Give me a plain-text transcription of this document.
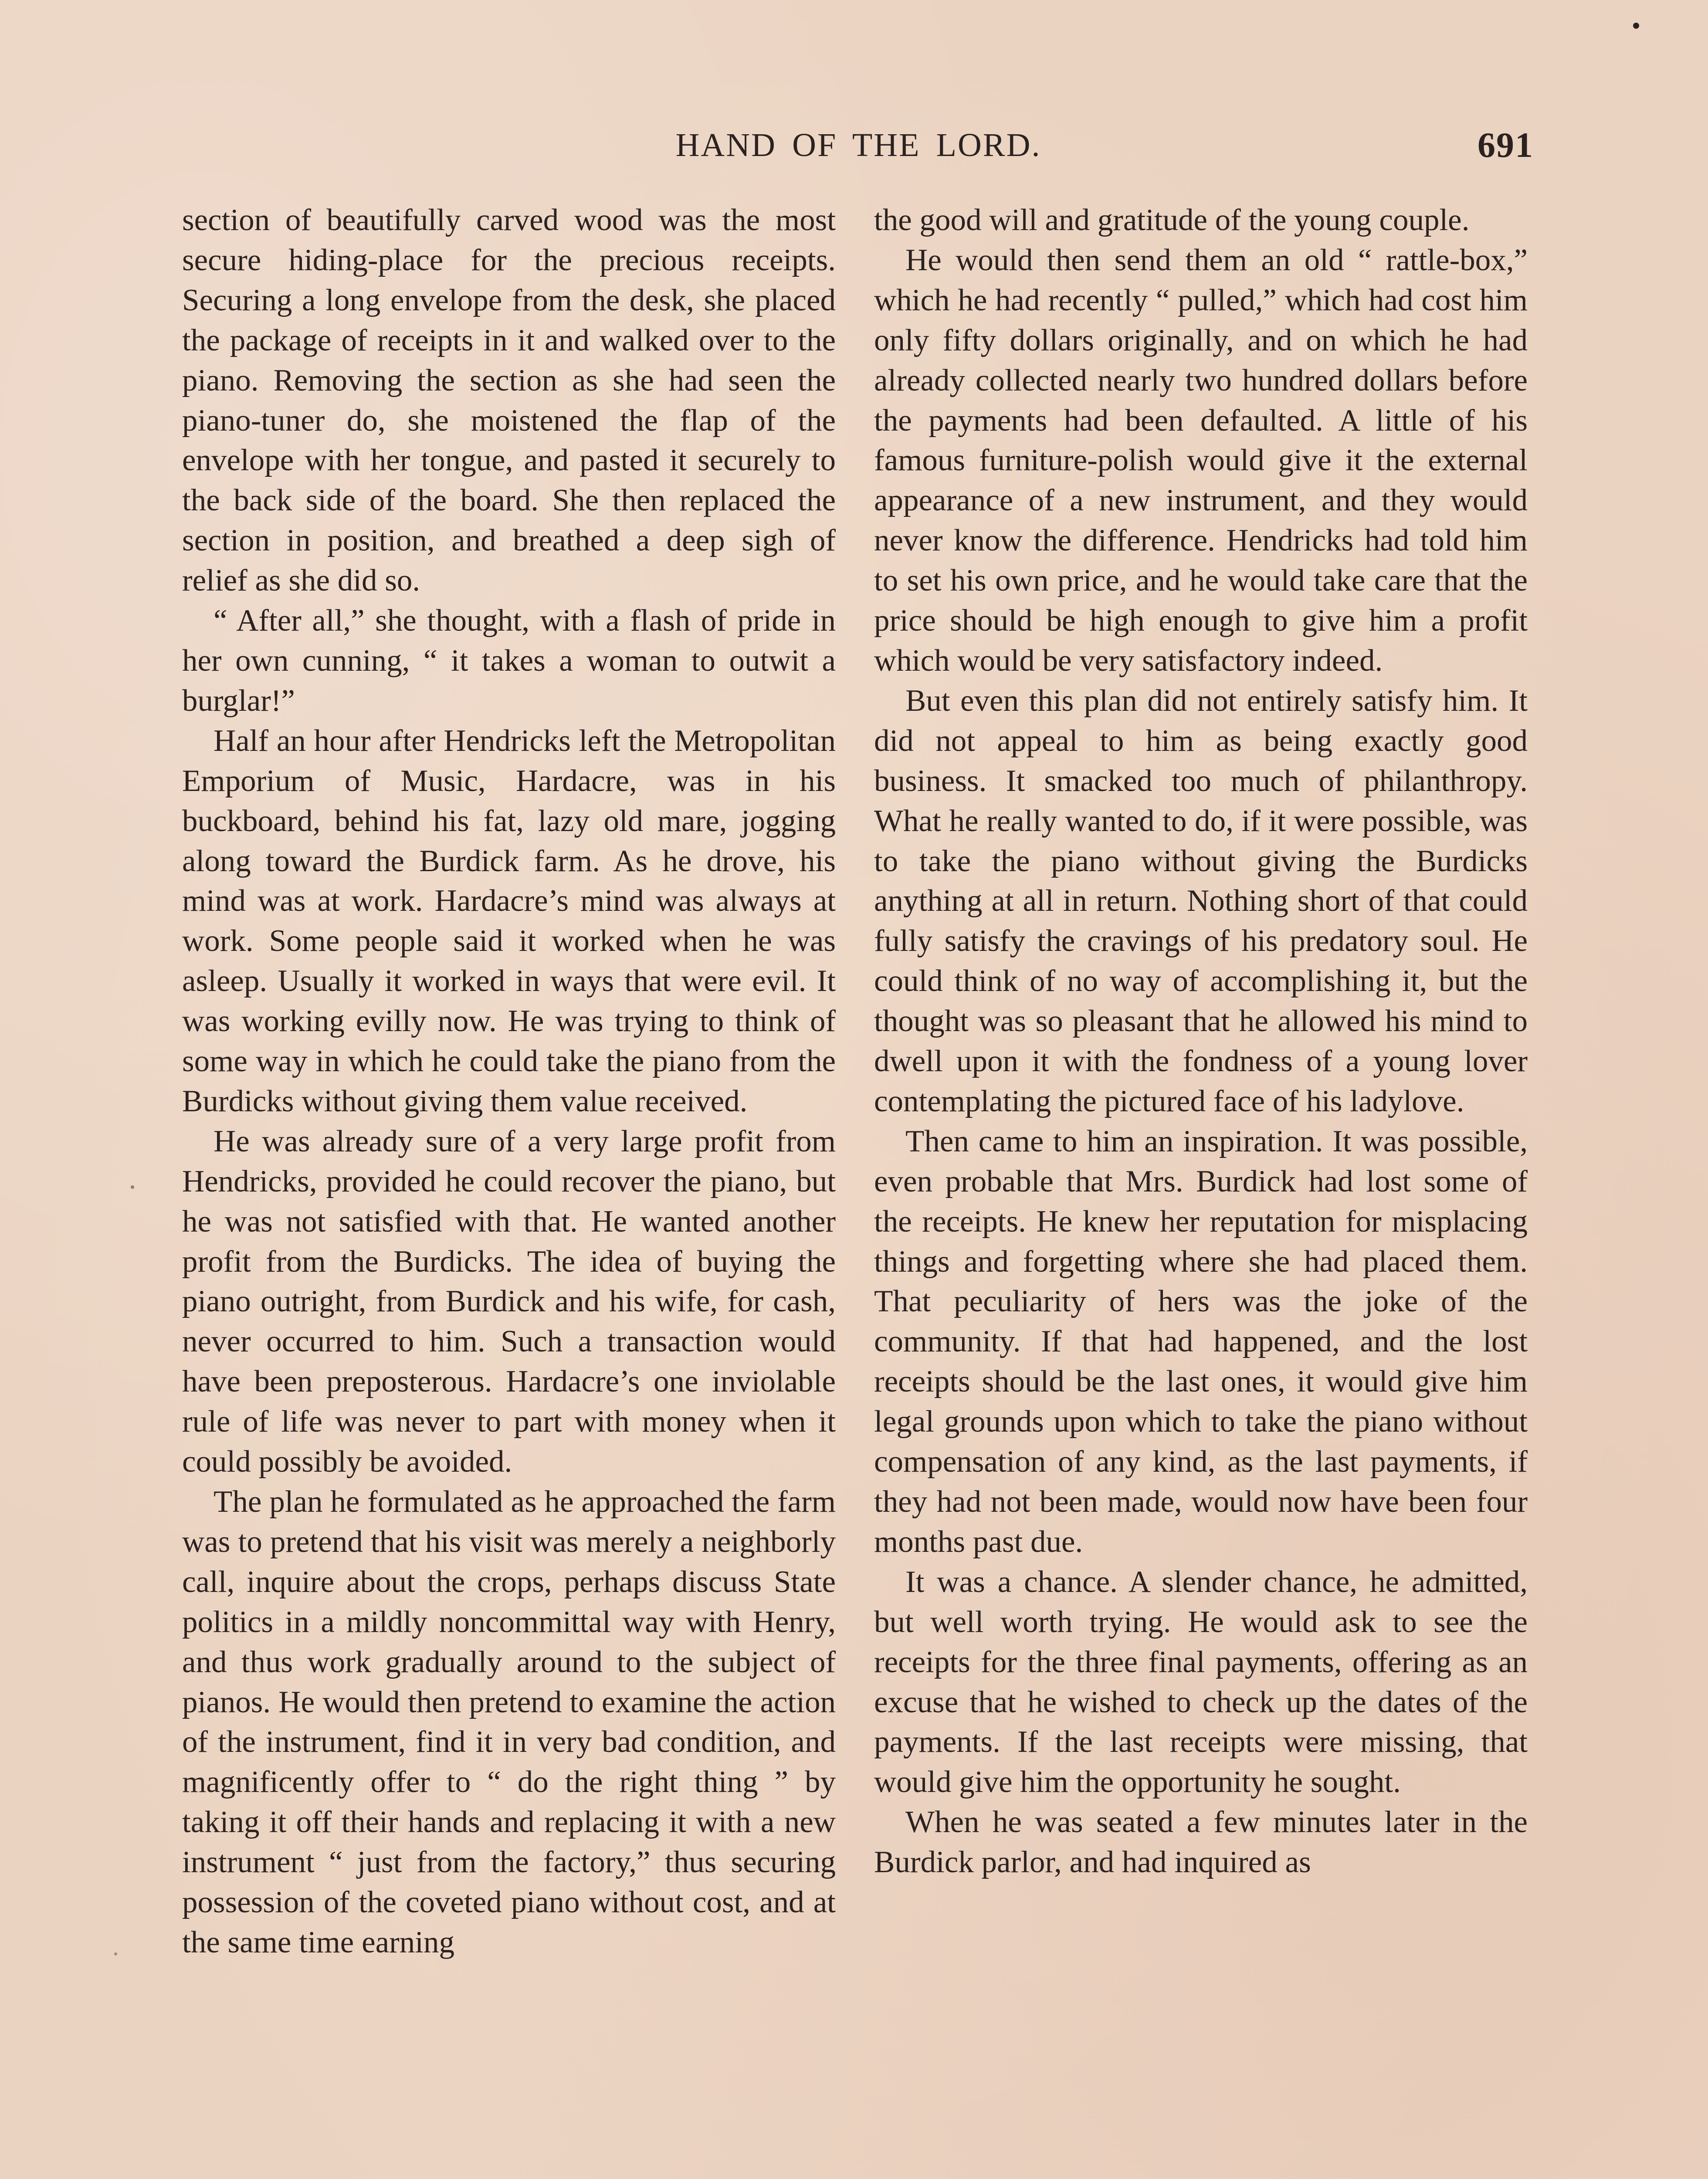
HAND OF THE LORD.	691

section of beautifully carved wood was the most secure hiding-place for the precious receipts. Securing a long envelope from the desk, she placed the package of receipts in it and walked over to the piano. Removing the section as she had seen the piano-tuner do, she moistened the flap of the envelope with her tongue, and pasted it securely to the back side of the board. She then replaced the section in position, and breathed a deep sigh of relief as she did so.

“ After all,” she thought, with a flash of pride in her own cunning, “ it takes a woman to outwit a burglar!”

Half an hour after Hendricks left the Metropolitan Emporium of Music, Hardacre, was in his buckboard, behind his fat, lazy old mare, jogging along toward the Burdick farm. As he drove, his mind was at work. Hardacre’s mind was always at work. Some people said it worked when he was asleep. Usually it worked in ways that were evil. It was working evilly now. He was trying to think of some way in which he could take the piano from the Burdicks without giving them value received.

He was already sure of a very large profit from Hendricks, provided he could recover the piano, but he was not satisfied with that. He wanted another profit from the Burdicks. The idea of buying the piano outright, from Burdick and his wife, for cash, never occurred to him. Such a transaction would have been preposterous. Hardacre’s one inviolable rule of life was never to part with money when it could possibly be avoided.

The plan he formulated as he approached the farm was to pretend that his visit was merely a neighborly call, inquire about the crops, perhaps discuss State politics in a mildly noncommittal way with Henry, and thus work gradually around to the subject of pianos. He would then pretend to examine the action of the instrument, find it in very bad condition, and magnificently offer to “ do the right thing ” by taking it off their hands and replacing it with a new instrument “ just from the factory,” thus securing possession of the coveted piano without cost, and at the same time earning

the good will and gratitude of the young couple.

He would then send them an old “ rattle-box,” which he had recently “ pulled,” which had cost him only fifty dollars originally, and on which he had already collected nearly two hundred dollars before the payments had been defaulted. A little of his famous furniture-polish would give it the external appearance of a new instrument, and they would never know the difference. Hendricks had told him to set his own price, and he would take care that the price should be high enough to give him a profit which would be very satisfactory indeed.

But even this plan did not entirely satisfy him. It did not appeal to him as being exactly good business. It smacked too much of philanthropy. What he really wanted to do, if it were possible, was to take the piano without giving the Burdicks anything at all in return. Nothing short of that could fully satisfy the cravings of his predatory soul. He could think of no way of accomplishing it, but the thought was so pleasant that he allowed his mind to dwell upon it with the fondness of a young lover contemplating the pictured face of his ladylove.

Then came to him an inspiration. It was possible, even probable that Mrs. Burdick had lost some of the receipts. He knew her reputation for misplacing things and forgetting where she had placed them. That peculiarity of hers was the joke of the community. If that had happened, and the lost receipts should be the last ones, it would give him legal grounds upon which to take the piano without compensation of any kind, as the last payments, if they had not been made, would now have been four months past due.

It was a chance. A slender chance, he admitted, but well worth trying. He would ask to see the receipts for the three final payments, offering as an excuse that he wished to check up the dates of the payments. If the last receipts were missing, that would give him the opportunity he sought.

When he was seated a few minutes later in the Burdick parlor, and had inquired as
